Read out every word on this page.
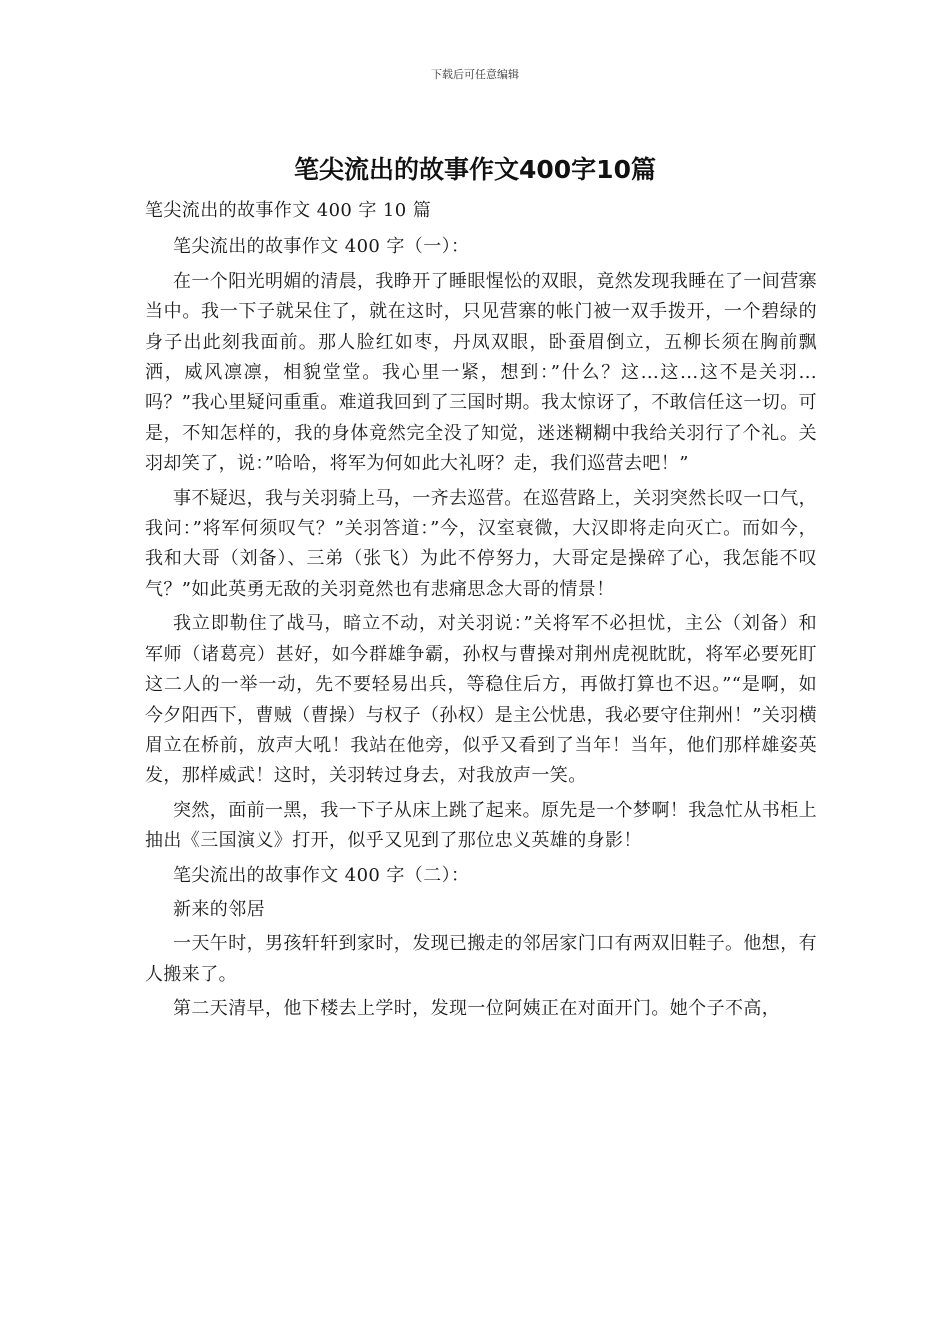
下载后可任意编辑
笔尖流出的故事作文400字10篇

笔尖流出的故事作文 400 字 10 篇

笔尖流出的故事作文 400 字（一）：

在一个阳光明媚的清晨，我睁开了睡眼惺忪的双眼，竟然发现我睡在了一间营寨当中。我一下子就呆住了，就在这时，只见营寨的帐门被一双手拨开，一个碧绿的身子出此刻我面前。那人脸红如枣，丹凤双眼，卧蚕眉倒立，五柳长须在胸前飘洒，威风凛凛，相貌堂堂。我心里一紧，想到：”什么？这...这...这不是关羽...吗？”我心里疑问重重。难道我回到了三国时期。我太惊讶了，不敢信任这一切。可是，不知怎样的，我的身体竟然完全没了知觉，迷迷糊糊中我给关羽行了个礼。关羽却笑了，说：”哈哈，将军为何如此大礼呀？走，我们巡营去吧！”

事不疑迟，我与关羽骑上马，一齐去巡营。在巡营路上，关羽突然长叹一口气，我问：”将军何须叹气？”关羽答道：”今，汉室衰微，大汉即将走向灭亡。而如今，我和大哥（刘备）、三弟（张飞）为此不停努力，大哥定是操碎了心，我怎能不叹气？”如此英勇无敌的关羽竟然也有悲痛思念大哥的情景！

我立即勒住了战马，暗立不动，对关羽说：”关将军不必担忧，主公（刘备）和军师（诸葛亮）甚好，如今群雄争霸，孙权与曹操对荆州虎视眈眈，将军必要死盯这二人的一举一动，先不要轻易出兵，等稳住后方，再做打算也不迟。”“是啊，如今夕阳西下，曹贼（曹操）与权子（孙权）是主公忧患，我必要守住荆州！”关羽横眉立在桥前，放声大吼！我站在他旁，似乎又看到了当年！当年，他们那样雄姿英发，那样威武！这时，关羽转过身去，对我放声一笑。

突然，面前一黑，我一下子从床上跳了起来。原先是一个梦啊！我急忙从书柜上抽出《三国演义》打开，似乎又见到了那位忠义英雄的身影！

笔尖流出的故事作文 400 字（二）：

新来的邻居

一天午时，男孩轩轩到家时，发现已搬走的邻居家门口有两双旧鞋子。他想，有人搬来了。

第二天清早，他下楼去上学时，发现一位阿姨正在对面开门。她个子不高，
